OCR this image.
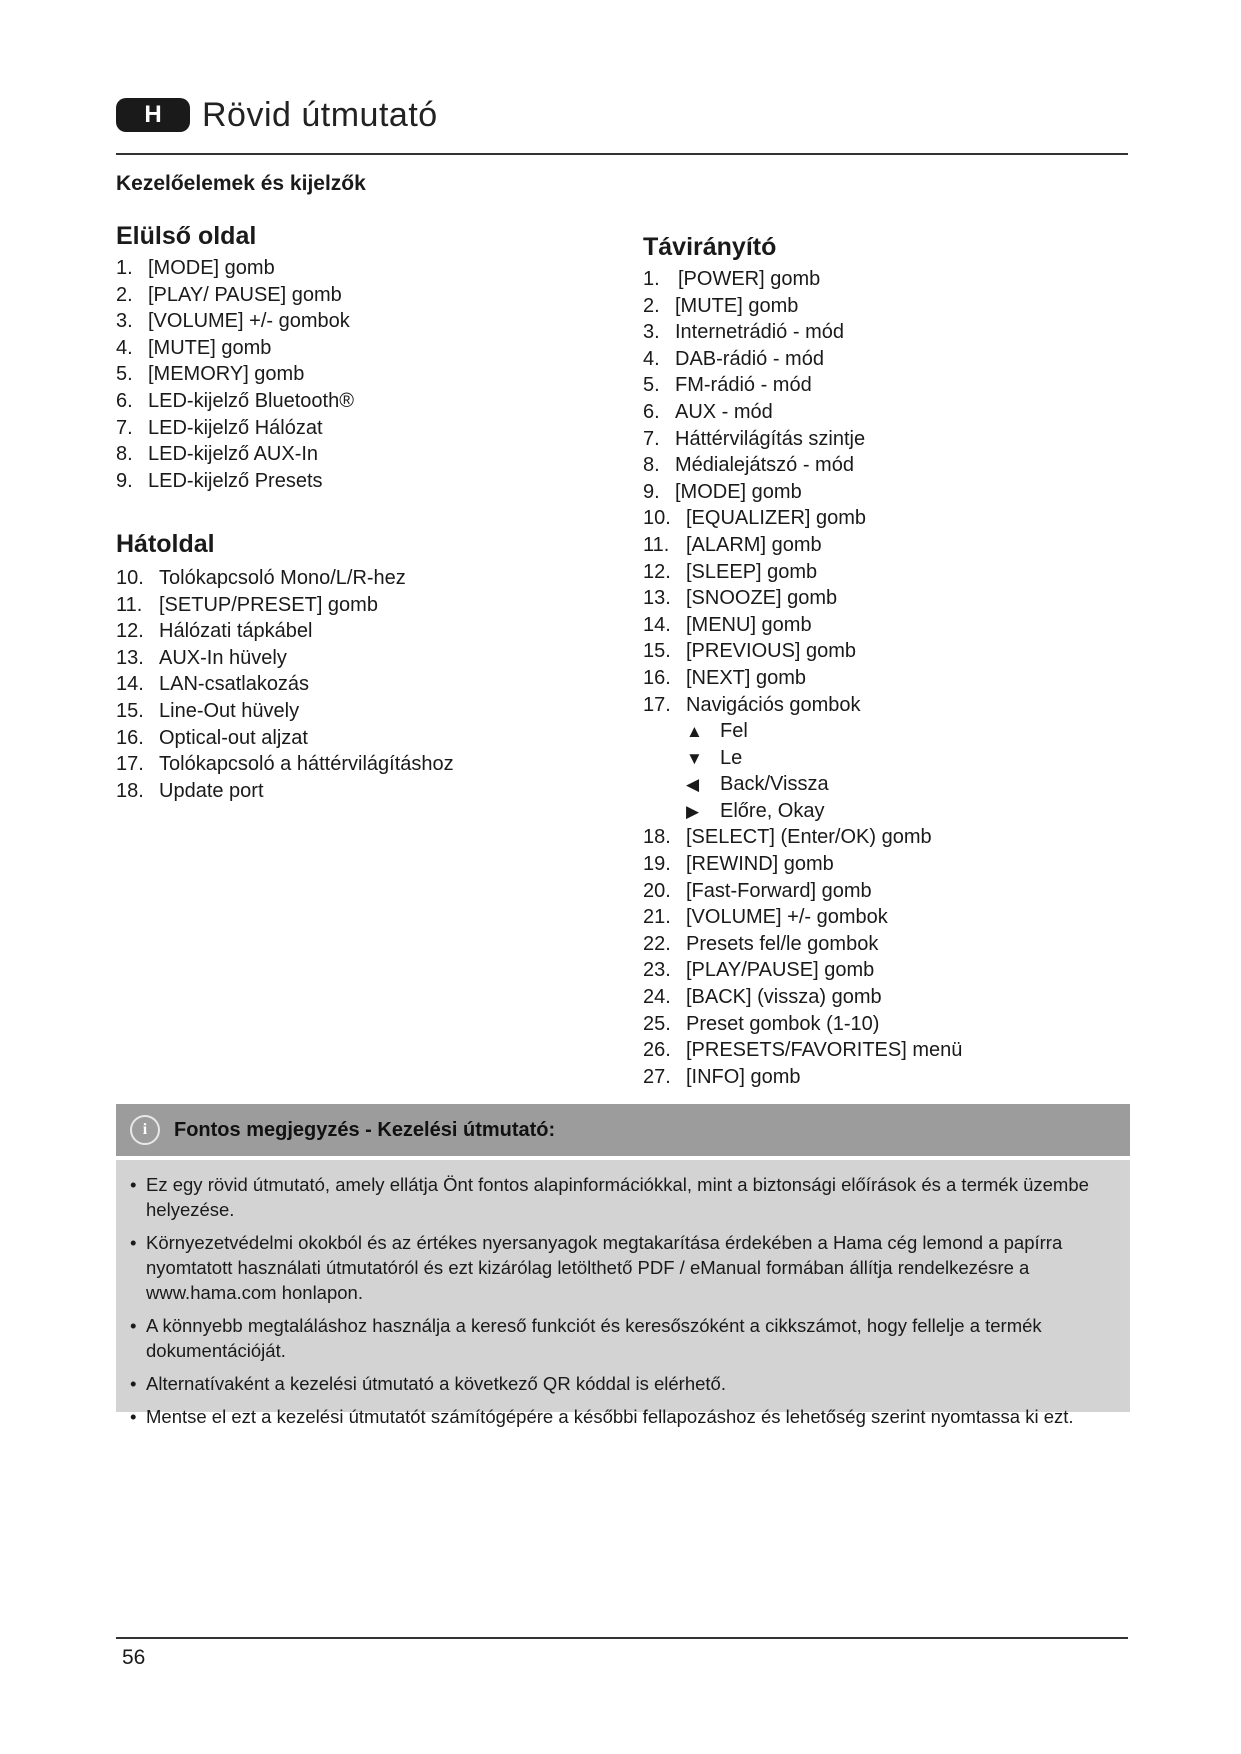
H	Rövid útmutató
Kezelőelemek és kijelzők
Elülső oldal
1. [MODE] gomb
2. [PLAY/ PAUSE] gomb
3. [VOLUME] +/- gombok
4. [MUTE] gomb
5. [MEMORY] gomb
6. LED-kijelző Bluetooth®
7. LED-kijelző Hálózat
8. LED-kijelző AUX-In
9. LED-kijelző Presets
Hátoldal
10. Tolókapcsoló Mono/L/R-hez
11. [SETUP/PRESET] gomb
12. Hálózati tápkábel
13. AUX-In hüvely
14. LAN-csatlakozás
15. Line-Out hüvely
16. Optical-out aljzat
17. Tolókapcsoló a háttérvilágításhoz
18. Update port
Távirányító
1. [POWER] gomb
2. [MUTE] gomb
3. Internetrádió - mód
4. DAB-rádió - mód
5. FM-rádió - mód
6. AUX - mód
7. Háttérvilágítás szintje
8. Médialejátszó - mód
9. [MODE] gomb
10. [EQUALIZER] gomb
11. [ALARM] gomb
12. [SLEEP] gomb
13. [SNOOZE] gomb
14. [MENU] gomb
15. [PREVIOUS] gomb
16. [NEXT] gomb
17. Navigációs gombok
▲ Fel
▼ Le
◀ Back/Vissza
▶ Előre, Okay
18. [SELECT] (Enter/OK) gomb
19. [REWIND] gomb
20. [Fast-Forward] gomb
21. [VOLUME] +/- gombok
22. Presets fel/le gombok
23. [PLAY/PAUSE] gomb
24. [BACK] (vissza) gomb
25. Preset gombok (1-10)
26. [PRESETS/FAVORITES] menü
27. [INFO] gomb
i	Fontos megjegyzés - Kezelési útmutató:
• Ez egy rövid útmutató, amely ellátja Önt fontos alapinformációkkal, mint a biztonsági előírások és a termék üzembe helyezése.
• Környezetvédelmi okokból és az értékes nyersanyagok megtakarítása érdekében a Hama cég lemond a papírra nyomtatott használati útmutatóról és ezt kizárólag letölthető PDF / eManual formában állítja rendelkezésre a www.hama.com honlapon.
• A könnyebb megtaláláshoz használja a kereső funkciót és keresőszóként a cikkszámot, hogy fellelje a termék dokumentációját.
• Alternatívaként a kezelési útmutató a következő QR kóddal is elérhető.
• Mentse el ezt a kezelési útmutatót számítógépére a későbbi fellapozáshoz és lehetőség szerint nyomtassa ki ezt.
56
